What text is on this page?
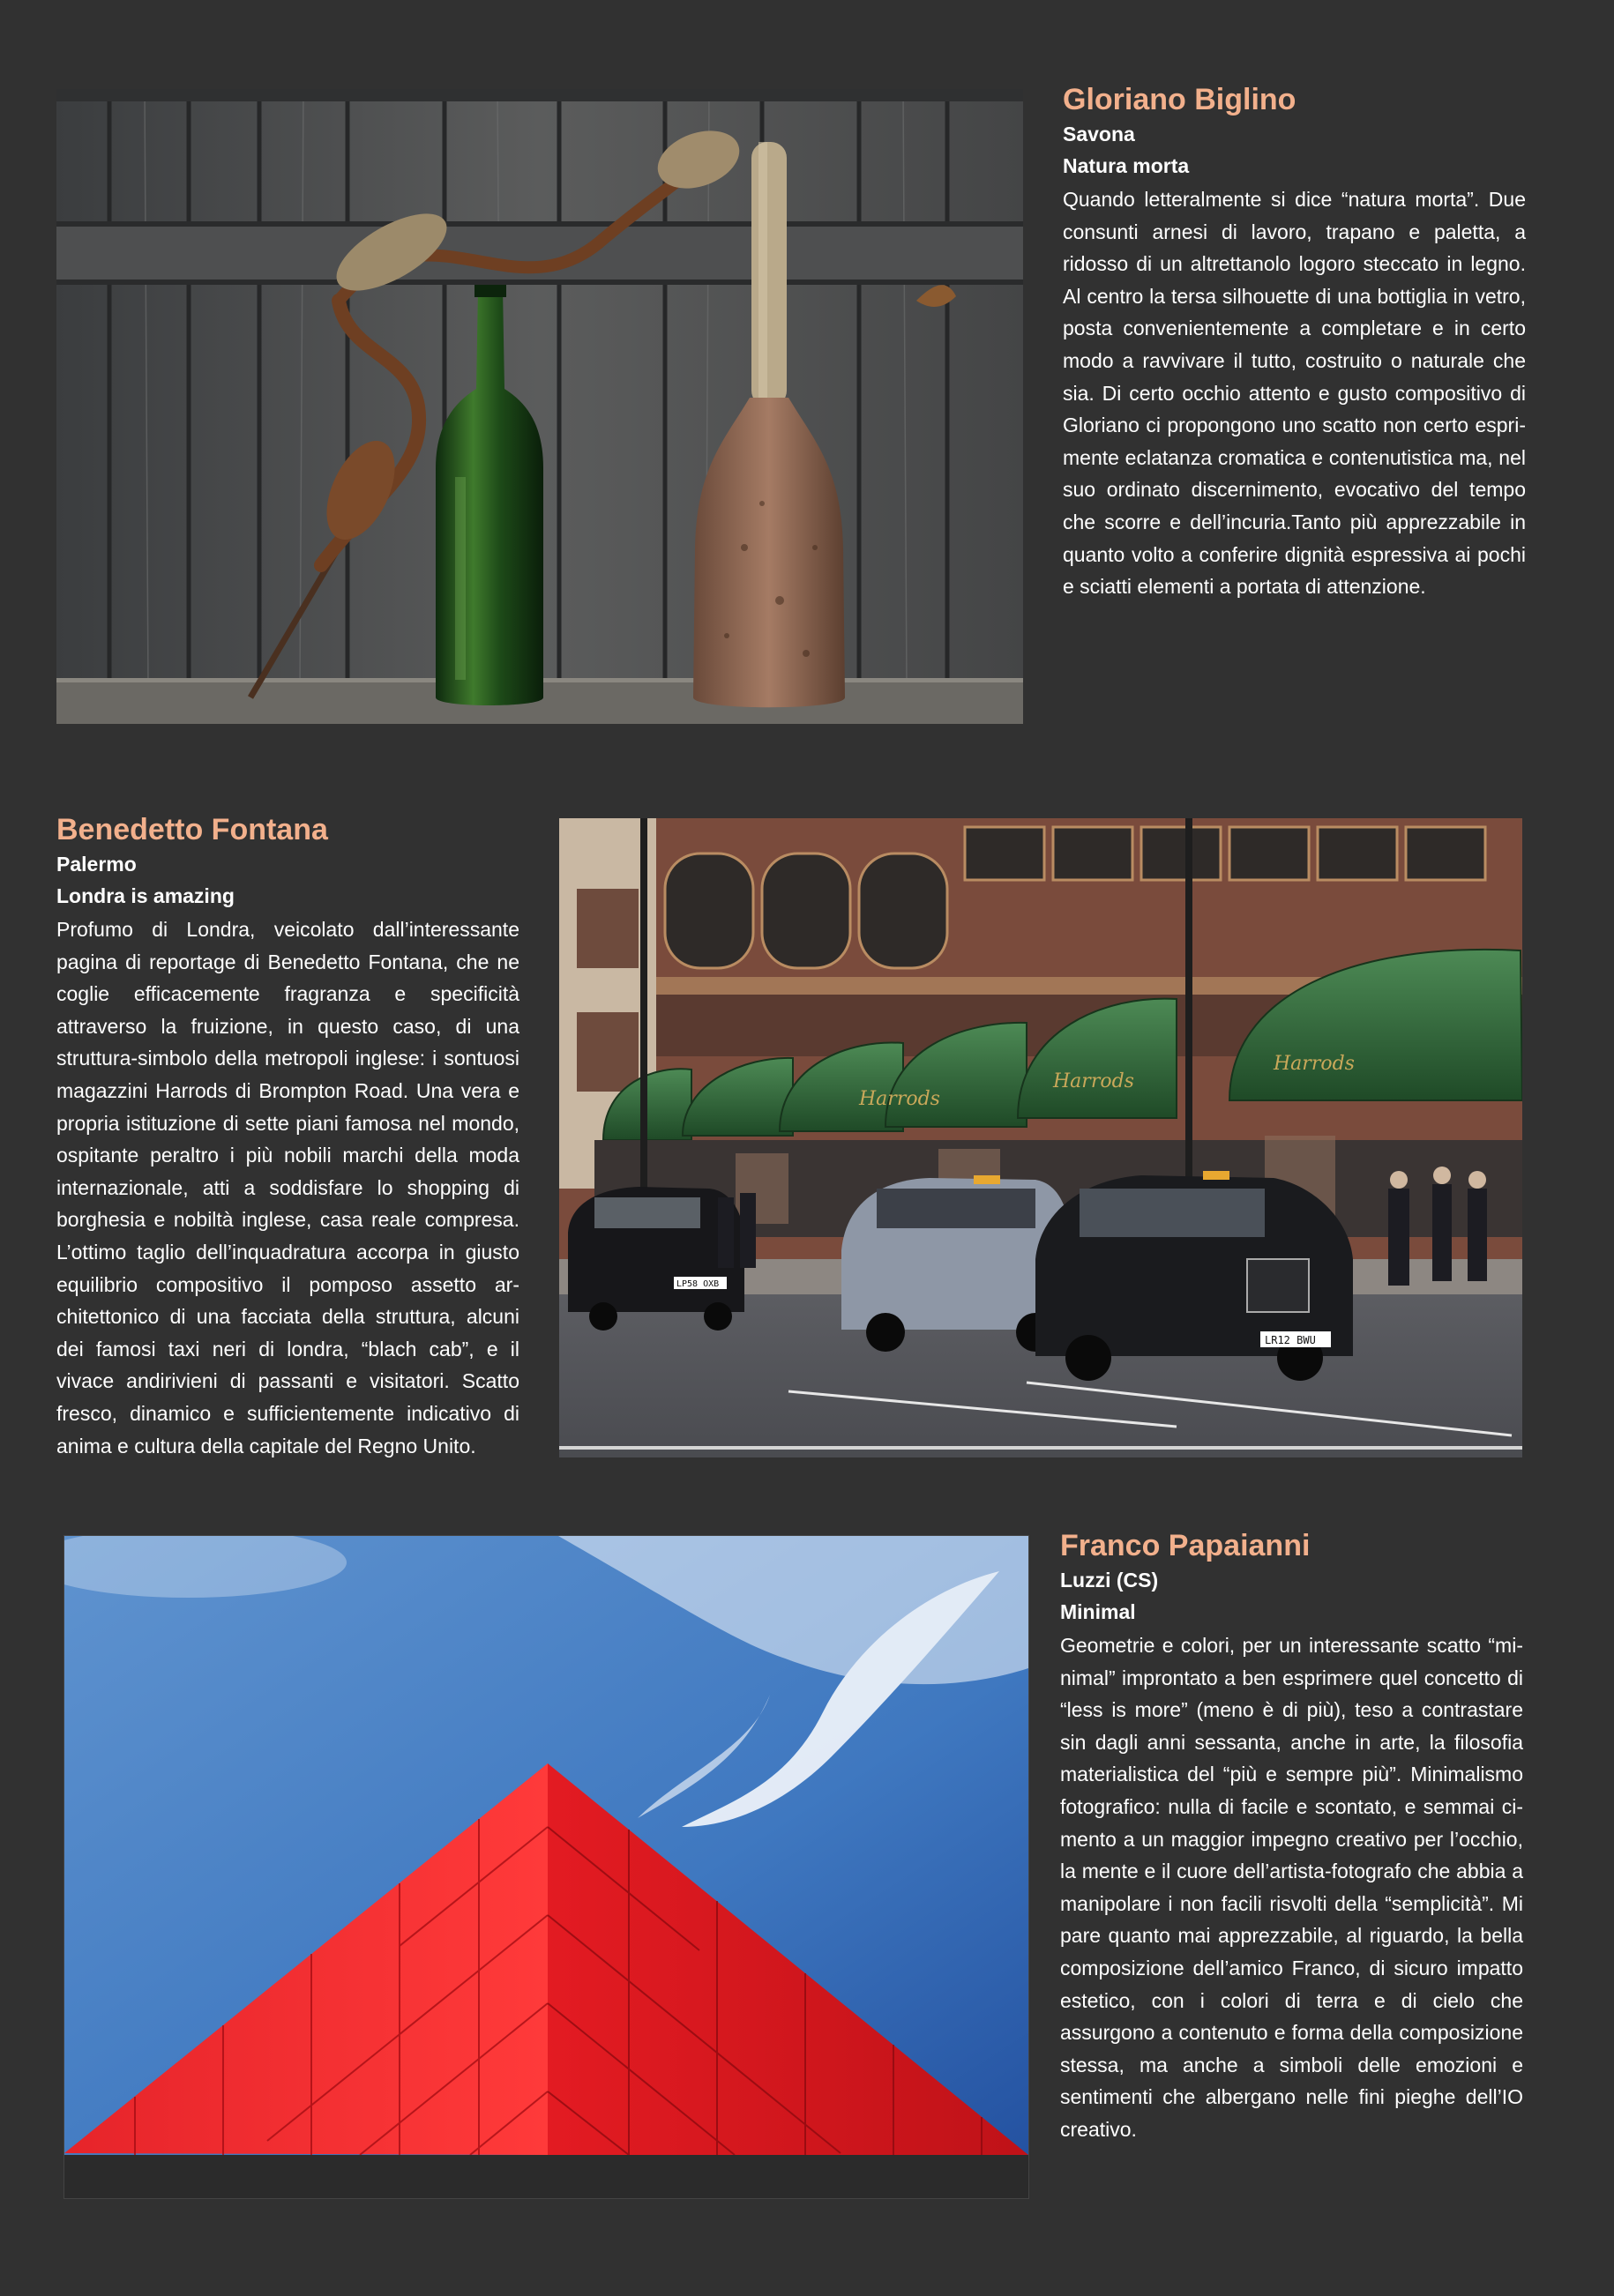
Gloriano Biglino
Savona
Natura morta
Quando letteralmente si dice “natura morta”. Due consunti arnesi di lavoro, trapano e paletta, a ridosso di un altrettanolo logoro steccato in legno. Al centro la tersa silhouette di una bottiglia in vetro, posta convenientemente a completare e in certo modo a ravvivare il tutto, costruito o naturale che sia. Di certo occhio attento e gusto compositivo di Gloriano ci propongono uno scatto non certo esprimente eclatanza cromatica e contenutistica ma, nel suo ordinato discernimento, evocativo del tempo che scorre e dell’incuria.Tanto più apprezzabile in quanto volto a conferire dignità espressiva ai pochi e sciatti elementi a portata di attenzione.
Benedetto Fontana
Palermo
Londra is amazing
Profumo di Londra, veicolato dall’interessante pagina di reportage di Benedetto Fontana, che ne coglie efficacemente fragranza e specificità attraverso la fruizione, in questo caso, di una struttura-simbolo della metropoli inglese: i sontuosi magazzini Harrods di Brompton Road. Una vera e propria istituzione di sette piani famosa nel mondo, ospitante peraltro i più nobili marchi della moda internazionale, atti a soddisfare lo shopping di borghesia e nobiltà inglese, casa reale compresa. L’ottimo taglio dell’inquadratura accorpa in giusto equilibrio compositivo il pomposo assetto architettonico di una facciata della struttura, alcuni dei famosi taxi neri di londra, “blach cab”, e il vivace andirivieni di passanti e visitatori. Scatto fresco, dinamico e sufficientemente indicativo di anima e cultura della capitale del Regno Unito.
Harrods
Harrods
Harrods
LP58 OXB
LR12 BWU
Franco Papaianni
Luzzi (CS)
Minimal
Geometrie e colori, per un interessante scatto “minimal” improntato a ben esprimere quel concetto di “less is more” (meno è di più), teso a contrastare sin dagli anni sessanta, anche in arte, la filosofia materialistica del “più e sempre più”. Minimalismo fotografico: nulla di facile e scontato, e semmai cimento a un maggior impegno creativo per l’occhio, la mente e il cuore dell’artista-fotografo che abbia a manipolare i non facili risvolti della “semplicità”. Mi pare quanto mai apprezzabile, al riguardo, la bella composizione dell’amico Franco, di sicuro impatto estetico, con i colori di terra e di cielo che assurgono a contenuto e forma della composizione stessa, ma anche a simboli delle emozioni e sentimenti che albergano nelle fini pieghe dell’IO creativo.
